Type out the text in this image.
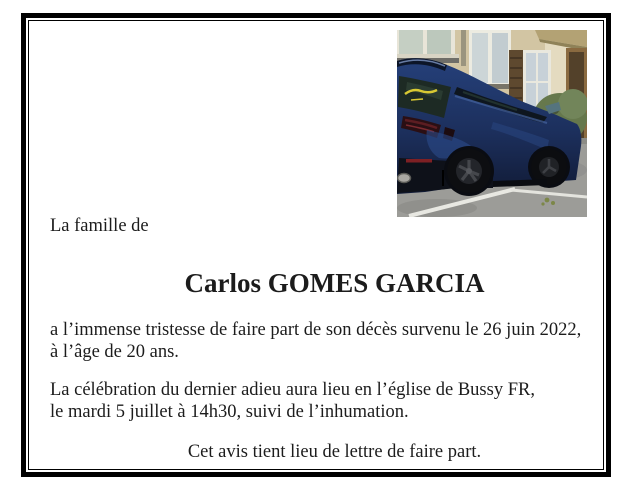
La famille de

Carlos GOMES GARCIA

a l’immense tristesse de faire part de son décès survenu le 26 juin 2022,
à l’âge de 20 ans.

La célébration du dernier adieu aura lieu en l’église de Bussy FR,
le mardi 5 juillet à 14h30, suivi de l’inhumation.

Cet avis tient lieu de lettre de faire part.
